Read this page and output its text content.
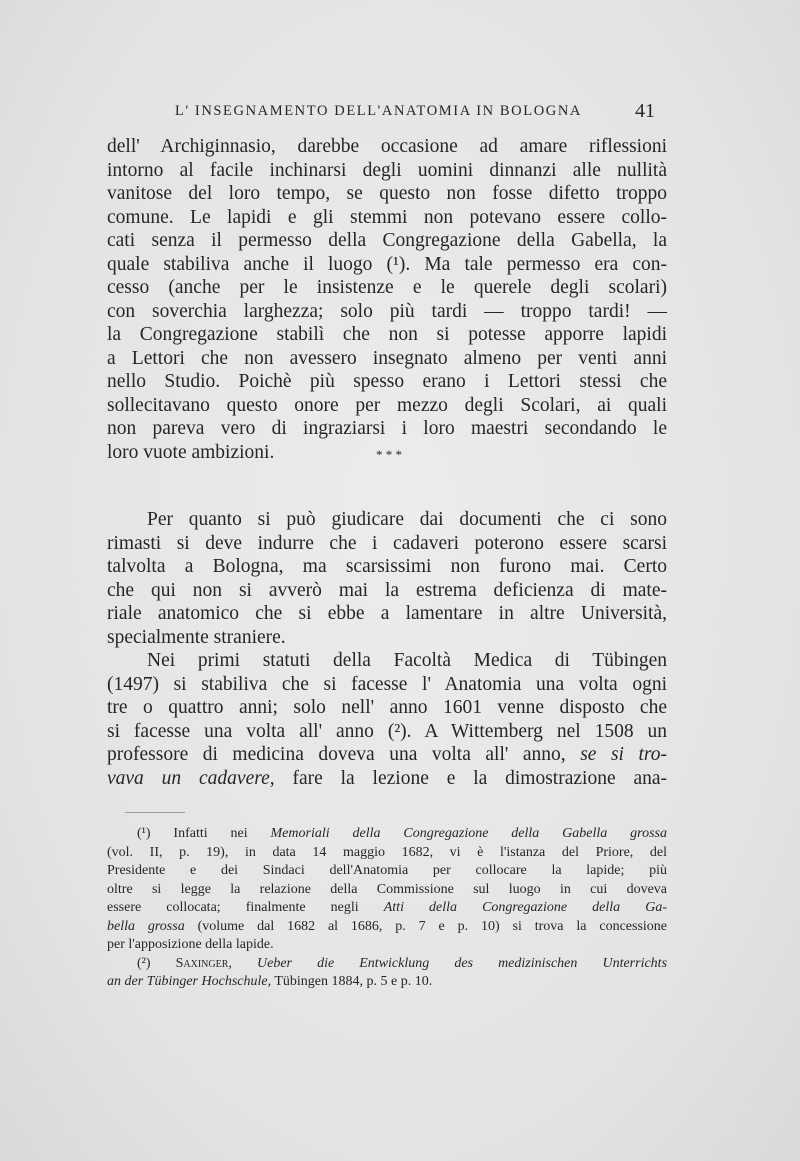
L' INSEGNAMENTO DELL'ANATOMIA IN BOLOGNA	41
dell' Archiginnasio, darebbe occasione ad amare riflessioni
intorno al facile inchinarsi degli uomini dinnanzi alle nullità
vanitose del loro tempo, se questo non fosse difetto troppo
comune. Le lapidi e gli stemmi non potevano essere collo-
cati senza il permesso della Congregazione della Gabella, la
quale stabiliva anche il luogo (¹). Ma tale permesso era con-
cesso (anche per le insistenze e le querele degli scolari)
con soverchia larghezza; solo più tardi — troppo tardi! —
la Congregazione stabilì che non si potesse apporre lapidi
a Lettori che non avessero insegnato almeno per venti anni
nello Studio. Poichè più spesso erano i Lettori stessi che
sollecitavano questo onore per mezzo degli Scolari, ai quali
non pareva vero di ingraziarsi i loro maestri secondando le
loro vuote ambizioni.	* * *
Per quanto si può giudicare dai documenti che ci sono
rimasti si deve indurre che i cadaveri poterono essere scarsi
talvolta a Bologna, ma scarsissimi non furono mai. Certo
che qui non si avverò mai la estrema deficienza di mate-
riale anatomico che si ebbe a lamentare in altre Università,
specialmente straniere.
Nei primi statuti della Facoltà Medica di Tübingen
(1497) si stabiliva che si facesse l' Anatomia una volta ogni
tre o quattro anni; solo nell' anno 1601 venne disposto che
si facesse una volta all' anno (²). A Wittemberg nel 1508 un
professore di medicina doveva una volta all' anno, se si tro-
vava un cadavere, fare la lezione e la dimostrazione ana-
(¹) Infatti nei Memoriali della Congregazione della Gabella grossa
(vol. II, p. 19), in data 14 maggio 1682, vi è l'istanza del Priore, del
Presidente e dei Sindaci dell'Anatomia per collocare la lapide; più
oltre si legge la relazione della Commissione sul luogo in cui doveva
essere collocata; finalmente negli Atti della Congregazione della Ga-
bella grossa (volume dal 1682 al 1686, p. 7 e p. 10) si trova la concessione
per l'apposizione della lapide.
(²) Saxinger, Ueber die Entwicklung des medizinischen Unterrichts
an der Tübinger Hochschule, Tübingen 1884, p. 5 e p. 10.
